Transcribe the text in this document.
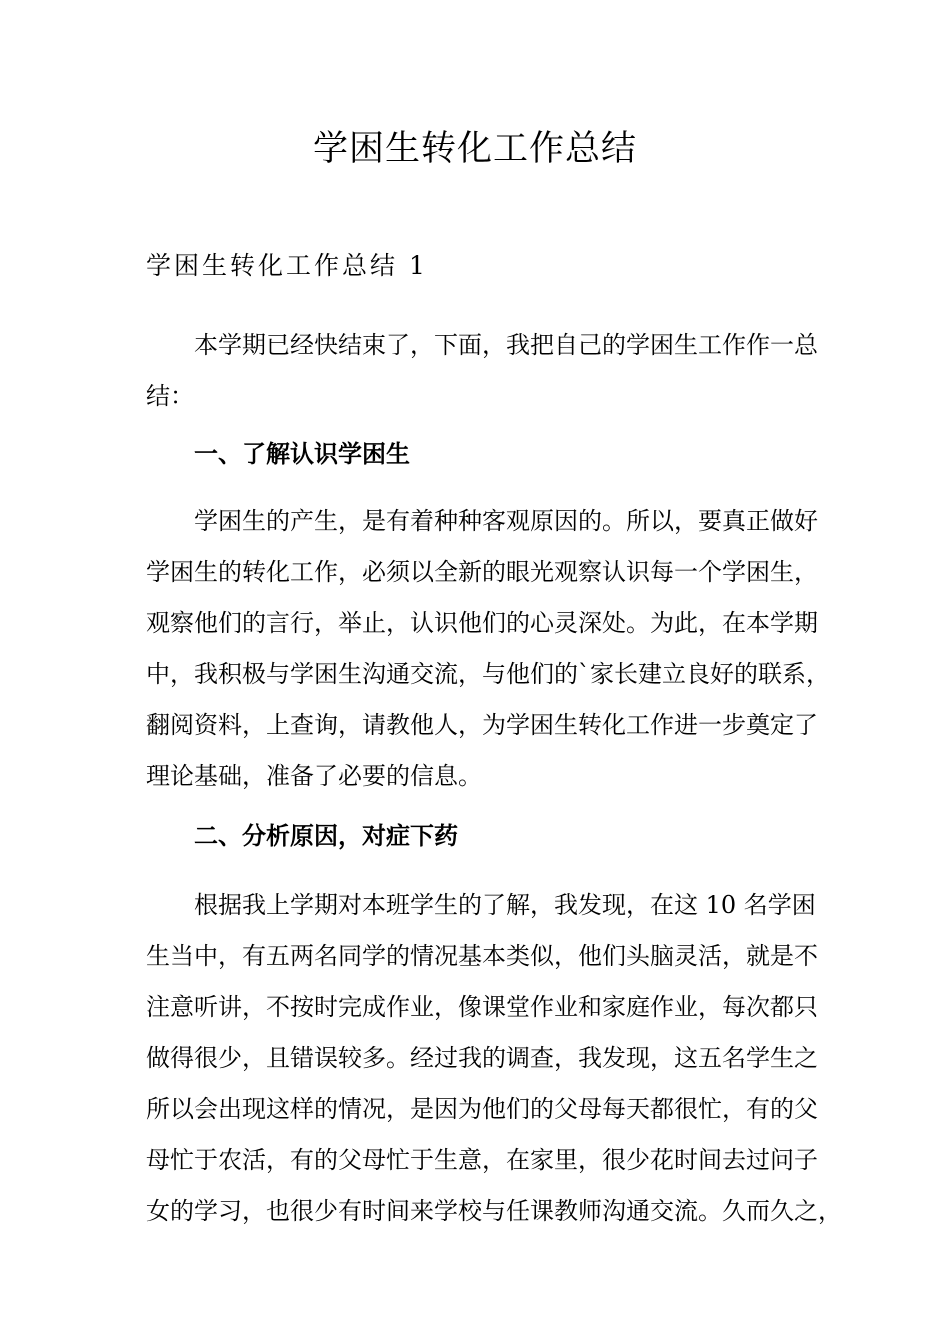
学困生转化工作总结
学困生转化工作总结 1
本学期已经快结束了，下面，我把自己的学困生工作作一总
结：
一、了解认识学困生
学困生的产生，是有着种种客观原因的。所以，要真正做好
学困生的转化工作，必须以全新的眼光观察认识每一个学困生，
观察他们的言行，举止，认识他们的心灵深处。为此，在本学期
中，我积极与学困生沟通交流，与他们的`家长建立良好的联系，
翻阅资料，上查询，请教他人，为学困生转化工作进一步奠定了
理论基础，准备了必要的信息。
二、分析原因，对症下药
根据我上学期对本班学生的了解，我发现，在这 10 名学困
生当中，有五两名同学的情况基本类似，他们头脑灵活，就是不
注意听讲，不按时完成作业，像课堂作业和家庭作业，每次都只
做得很少，且错误较多。经过我的调查，我发现，这五名学生之
所以会出现这样的情况，是因为他们的父母每天都很忙，有的父
母忙于农活，有的父母忙于生意，在家里，很少花时间去过问子
女的学习，也很少有时间来学校与任课教师沟通交流。久而久之，
